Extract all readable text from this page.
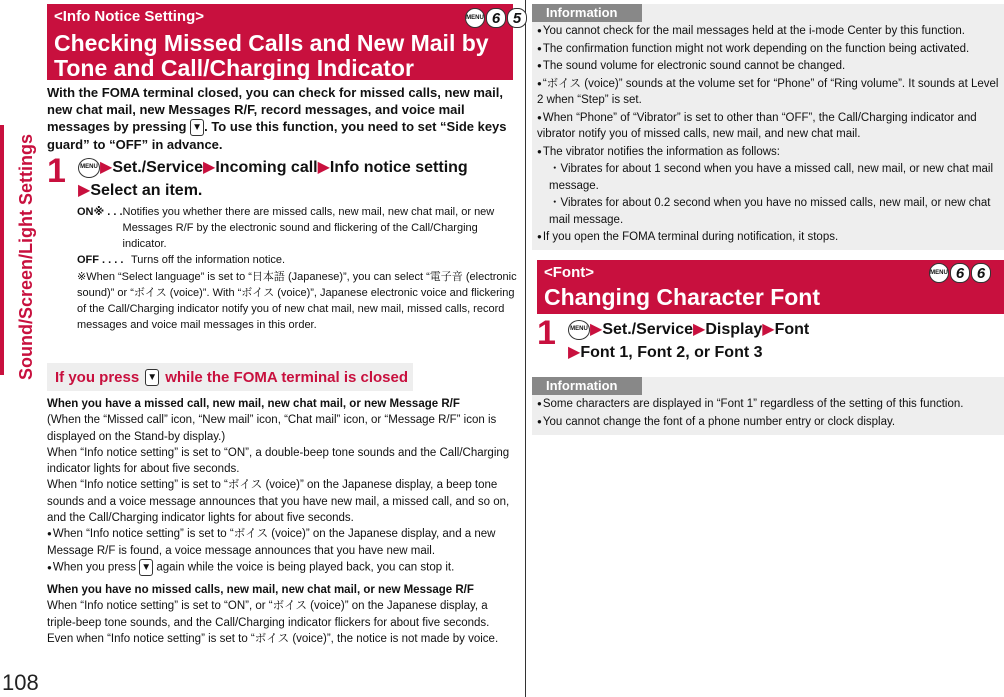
Sound/Screen/Light Settings
108
<Info Notice Setting>
Checking Missed Calls and New Mail by Tone and Call/Charging Indicator
MENU 6 5
With the FOMA terminal closed, you can check for missed calls, new mail, new chat mail, new Messages R/F, record messages, and voice mail messages by pressing ▼ . To use this function, you need to set “Side keys guard” to “OFF” in advance.
1	MENU ▶Set./Service▶Incoming call▶Info notice setting
▶Select an item.
ON※ . . . Notifies you whether there are missed calls, new mail, new chat mail, or new Messages R/F by the electronic sound and flickering of the Call/Charging indicator.
OFF . . . . Turns off the information notice.
※When “Select language” is set to “日本語 (Japanese)”, you can select “電子音 (electronic sound)” or “ボイス (voice)”. With “ボイス (voice)”, Japanese electronic voice and flickering of the Call/Charging indicator notify you of new chat mail, new mail, missed calls, record messages and voice mail messages in this order.
If you press ▼ while the FOMA terminal is closed

When you have a missed call, new mail, new chat mail, or new Message R/F

(When the “Missed call” icon, “New mail” icon, “Chat mail” icon, or “Message R/F” icon is displayed on the Stand-by display.)

When “Info notice setting” is set to “ON”, a double-beep tone sounds and the Call/Charging indicator lights for about five seconds.

When “Info notice setting” is set to “ボイス (voice)” on the Japanese display, a beep tone sounds and a voice message announces that you have new mail, a missed call, and so on, and the Call/Charging indicator lights for about five seconds.

● When “Info notice setting” is set to “ボイス (voice)” on the Japanese display, and a new Message R/F is found, a voice message announces that you have new mail.

● When you press ▼ again while the voice is being played back, you can stop it.

When you have no missed calls, new mail, new chat mail, or new Message R/F

When “Info notice setting” is set to “ON”, or “ボイス (voice)” on the Japanese display, a triple-beep tone sounds, and the Call/Charging indicator flickers for about five seconds.

Even when “Info notice setting” is set to “ボイス (voice)”, the notice is not made by voice.

Information

● You cannot check for the mail messages held at the i-mode Center by this function.

● The confirmation function might not work depending on the function being activated.

● The sound volume for electronic sound cannot be changed.

● “ボイス (voice)” sounds at the volume set for “Phone” of “Ring volume”. It sounds at Level 2 when “Step” is set.

● When “Phone” of “Vibrator” is set to other than “OFF”, the Call/Charging indicator and vibrator notify you of missed calls, new mail, and new chat mail.

● The vibrator notifies the information as follows:

・Vibrates for about 1 second when you have a missed call, new mail, or new chat mail message.

・Vibrates for about 0.2 second when you have no missed calls, new mail, or new chat mail message.

● If you open the FOMA terminal during notification, it stops.

<Font>
Changing Character Font
MENU 6 6
1	MENU ▶Set./Service▶Display▶Font
▶Font 1, Font 2, or Font 3
Information

● Some characters are displayed in “Font 1” regardless of the setting of this function.

● You cannot change the font of a phone number entry or clock display.
